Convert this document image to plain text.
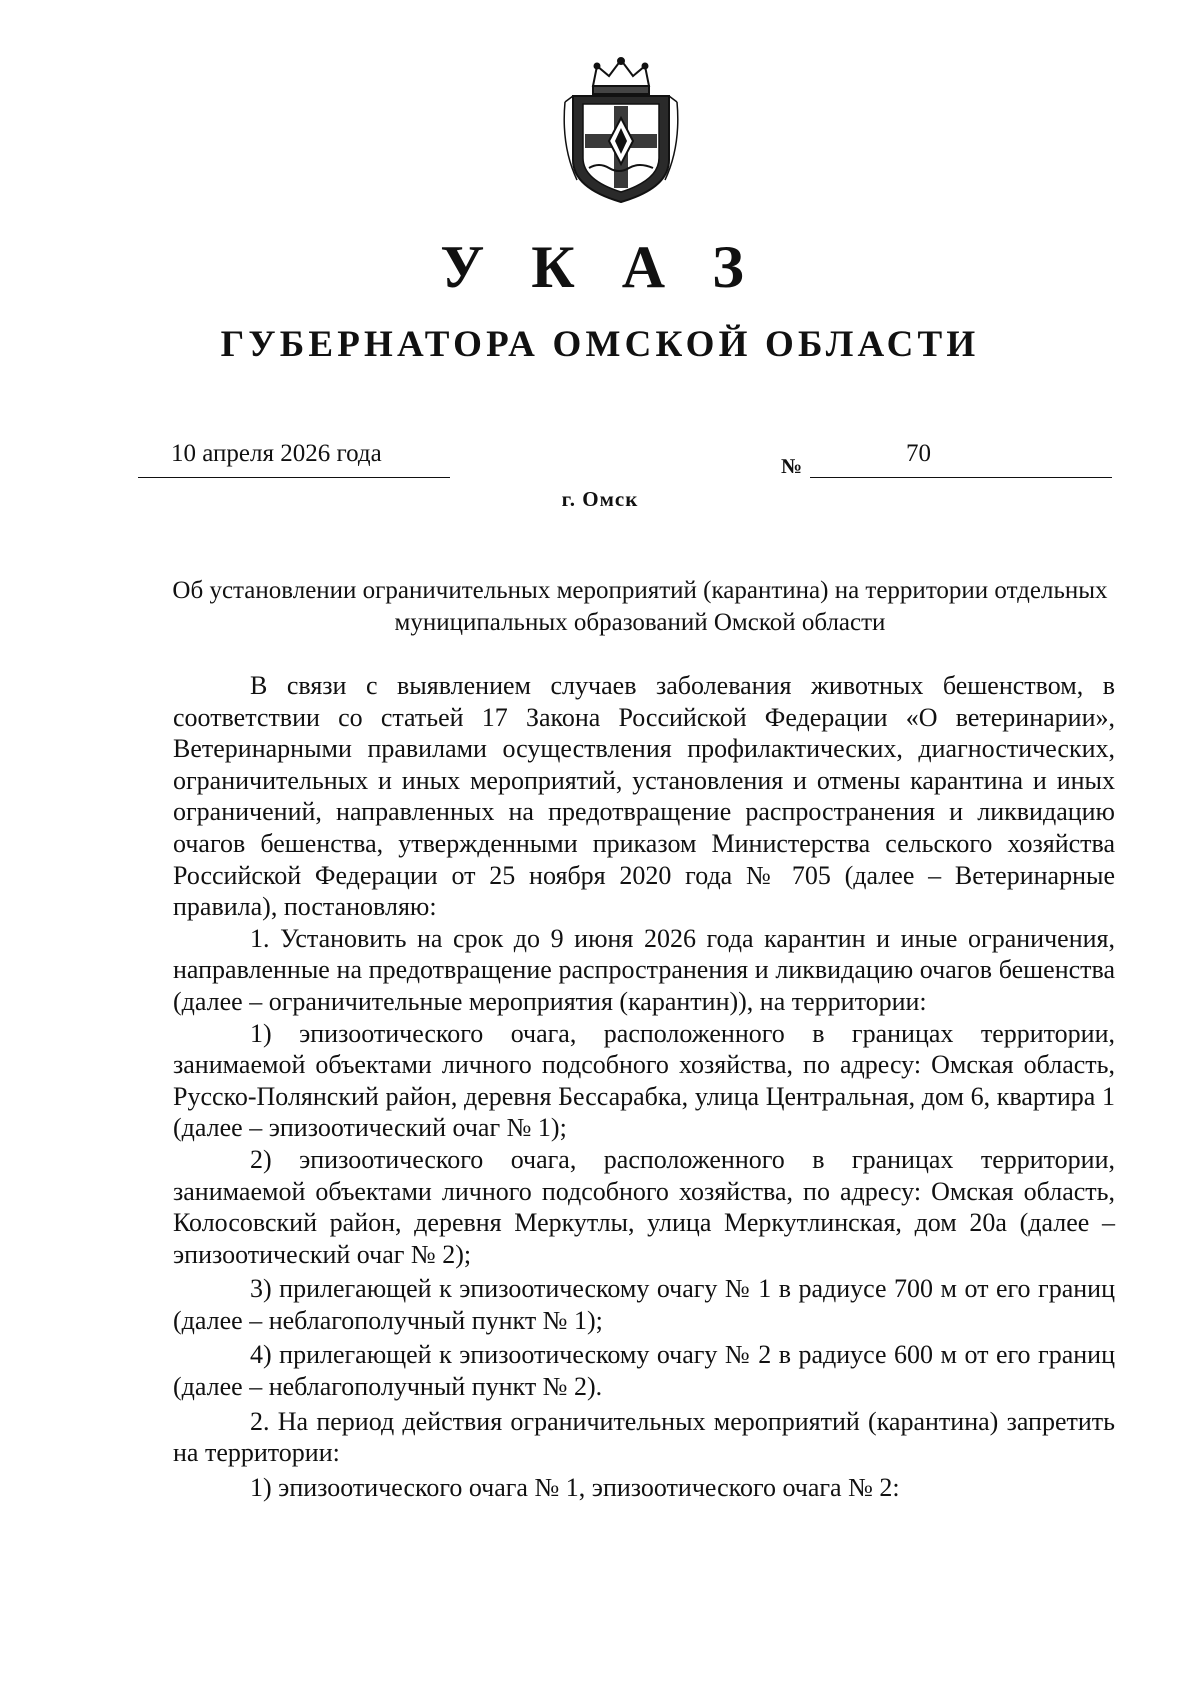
У К А З
ГУБЕРНАТОРА ОМСКОЙ ОБЛАСТИ
10 апреля 2026 года	№	70
г. Омск
Об установлении ограничительных мероприятий (карантина) на территории отдельных муниципальных образований Омской области

В связи с выявлением случаев заболевания животных бешенством, в соответствии со статьей 17 Закона Российской Федерации «О ветеринарии», Ветеринарными правилами осуществления профилактических, диагностических, ограничительных и иных мероприятий, установления и отмены карантина и иных ограничений, направленных на предотвращение распространения и ликвидацию очагов бешенства, утвержденными приказом Министерства сельского хозяйства Российской Федерации от 25 ноября 2020 года № 705 (далее – Ветеринарные правила), постановляю:

1. Установить на срок до 9 июня 2026 года карантин и иные ограничения, направленные на предотвращение распространения и ликвидацию очагов бешенства (далее – ограничительные мероприятия (карантин)), на территории:

1) эпизоотического очага, расположенного в границах территории, занимаемой объектами личного подсобного хозяйства, по адресу: Омская область, Русско-Полянский район, деревня Бессарабка, улица Центральная, дом 6, квартира 1 (далее – эпизоотический очаг № 1);

2) эпизоотического очага, расположенного в границах территории, занимаемой объектами личного подсобного хозяйства, по адресу: Омская область, Колосовский район, деревня Меркутлы, улица Меркутлинская, дом 20а (далее – эпизоотический очаг № 2);

3) прилегающей к эпизоотическому очагу № 1 в радиусе 700 м от его границ (далее – неблагополучный пункт № 1);

4) прилегающей к эпизоотическому очагу № 2 в радиусе 600 м от его границ (далее – неблагополучный пункт № 2).

2. На период действия ограничительных мероприятий (карантина) запретить на территории:

1) эпизоотического очага № 1, эпизоотического очага № 2:
